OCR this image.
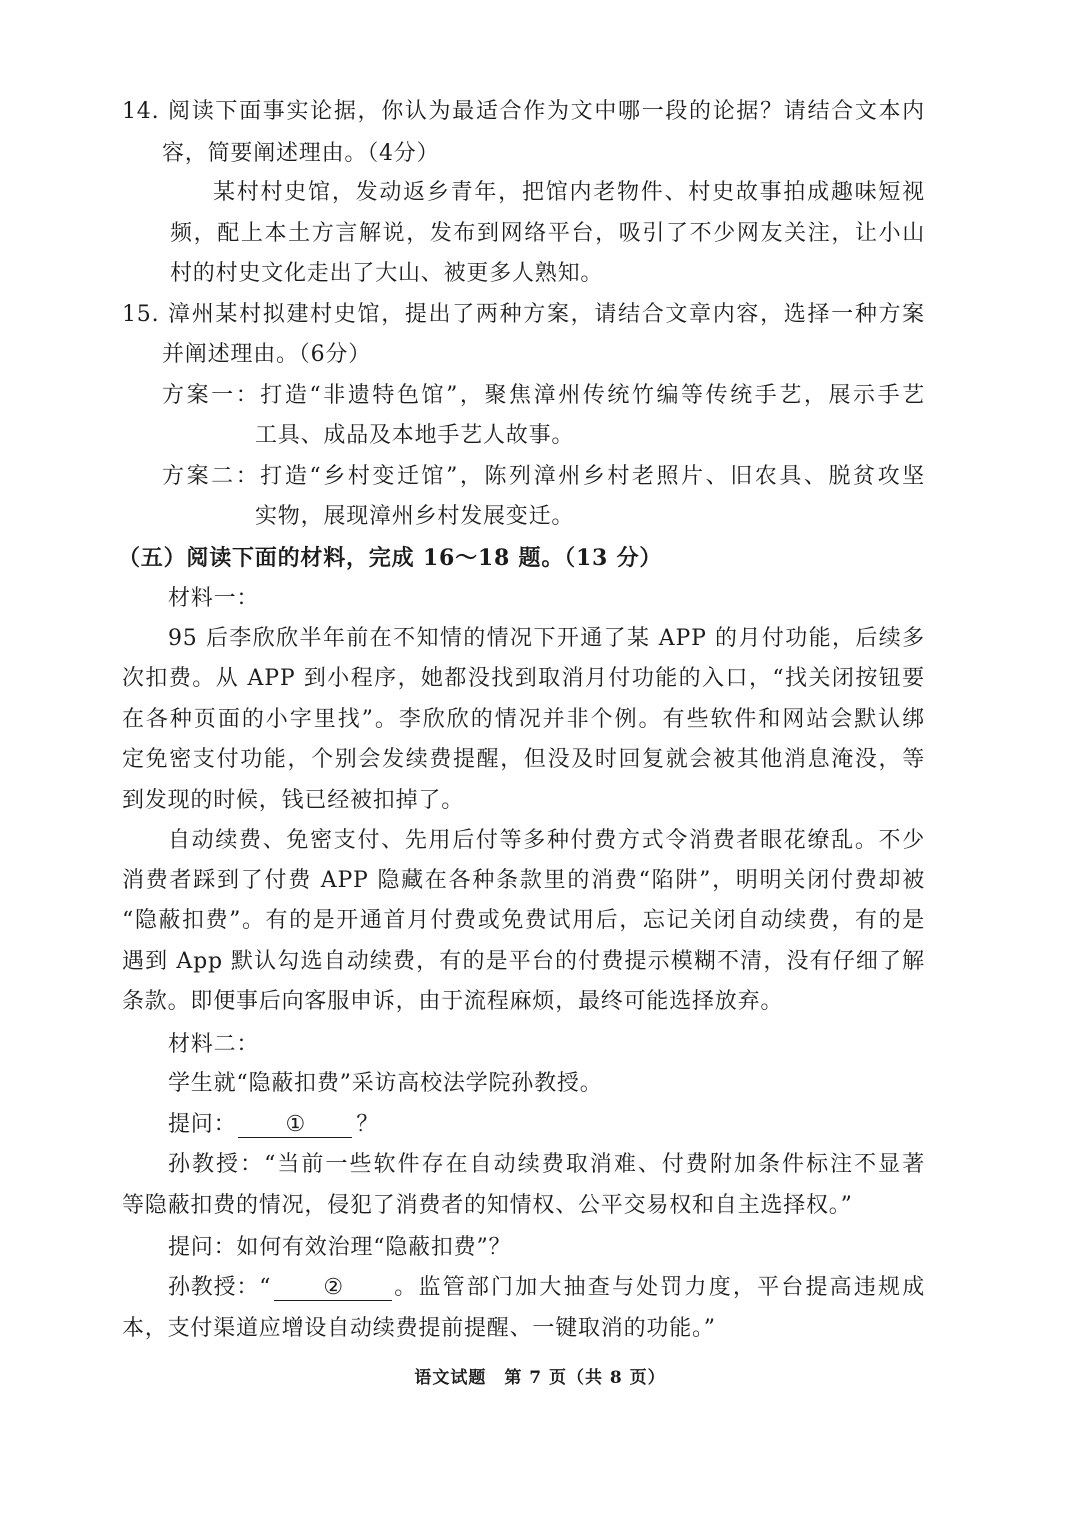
14. 阅读下面事实论据，你认为最适合作为文中哪一段的论据？请结合文本内
容，简要阐述理由。（4分）
某村村史馆，发动返乡青年，把馆内老物件、村史故事拍成趣味短视
频，配上本土方言解说，发布到网络平台，吸引了不少网友关注，让小山
村的村史文化走出了大山、被更多人熟知。
15. 漳州某村拟建村史馆，提出了两种方案，请结合文章内容，选择一种方案
并阐述理由。（6分）
方案一：打造“非遗特色馆”，聚焦漳州传统竹编等传统手艺，展示手艺
工具、成品及本地手艺人故事。
方案二：打造“乡村变迁馆”，陈列漳州乡村老照片、旧农具、脱贫攻坚
实物，展现漳州乡村发展变迁。
（五）阅读下面的材料，完成 16～18 题。（13 分）
材料一：
95 后李欣欣半年前在不知情的情况下开通了某 APP 的月付功能，后续多
次扣费。从 APP 到小程序，她都没找到取消月付功能的入口，“找关闭按钮要
在各种页面的小字里找”。李欣欣的情况并非个例。有些软件和网站会默认绑
定免密支付功能，个别会发续费提醒，但没及时回复就会被其他消息淹没，等
到发现的时候，钱已经被扣掉了。
自动续费、免密支付、先用后付等多种付费方式令消费者眼花缭乱。不少
消费者踩到了付费 APP 隐藏在各种条款里的消费“陷阱”，明明关闭付费却被
“隐蔽扣费”。有的是开通首月付费或免费试用后，忘记关闭自动续费，有的是
遇到 App 默认勾选自动续费，有的是平台的付费提示模糊不清，没有仔细了解
条款。即便事后向客服申诉，由于流程麻烦，最终可能选择放弃。
材料二：
学生就“隐蔽扣费”采访高校法学院孙教授。
提问：	①	？
孙教授：“当前一些软件存在自动续费取消难、付费附加条件标注不显著
等隐蔽扣费的情况，侵犯了消费者的知情权、公平交易权和自主选择权。”
提问：如何有效治理“隐蔽扣费”？
孙教授：“	②	。监管部门加大抽查与处罚力度，平台提高违规成
本，支付渠道应增设自动续费提前提醒、一键取消的功能。”
语文试题　第 7 页（共 8 页）
